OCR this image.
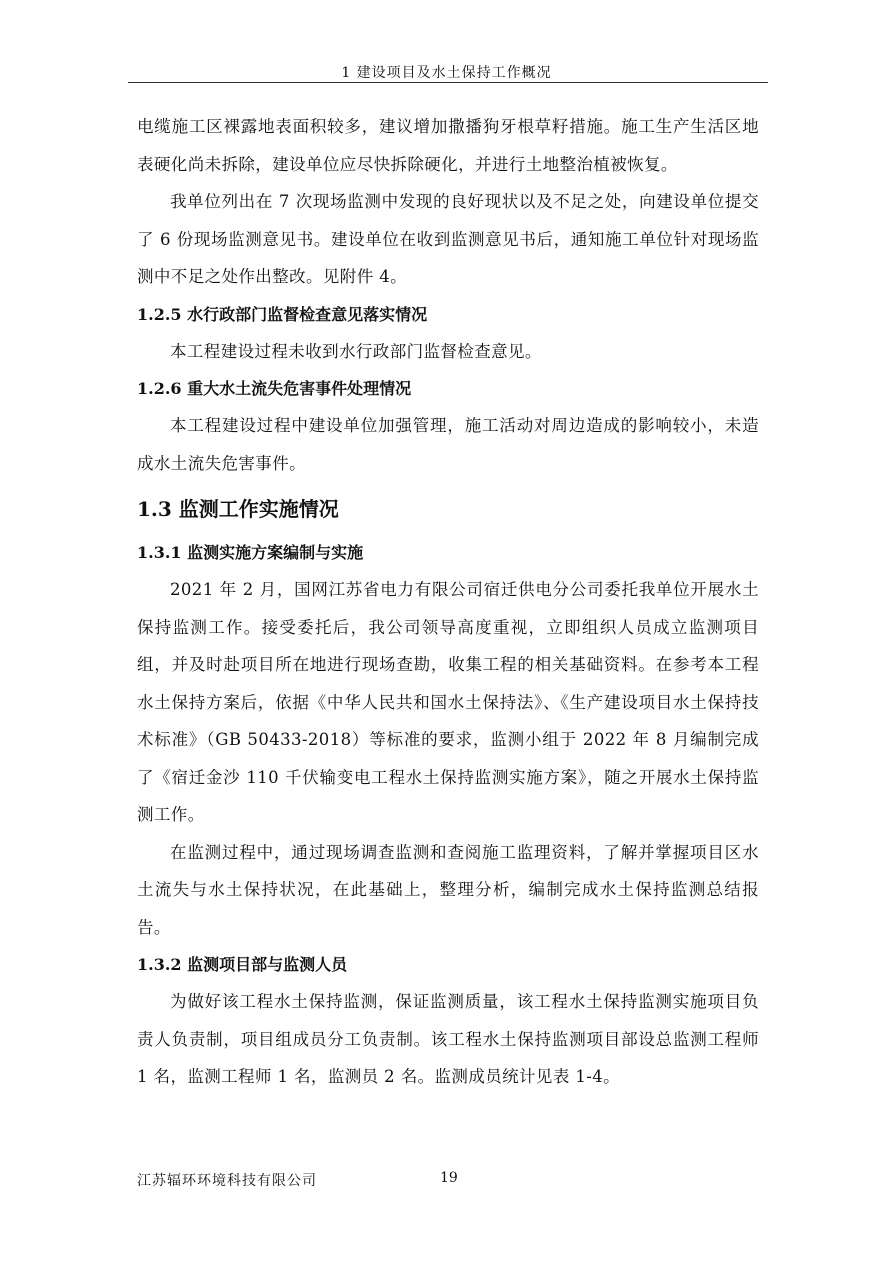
1 建设项目及水土保持工作概况

电缆施工区裸露地表面积较多，建议增加撒播狗牙根草籽措施。施工生产生活区地表硬化尚未拆除，建设单位应尽快拆除硬化，并进行土地整治植被恢复。

我单位列出在 7 次现场监测中发现的良好现状以及不足之处，向建设单位提交了 6 份现场监测意见书。建设单位在收到监测意见书后，通知施工单位针对现场监测中不足之处作出整改。见附件 4。

1.2.5 水行政部门监督检查意见落实情况

本工程建设过程未收到水行政部门监督检查意见。

1.2.6 重大水土流失危害事件处理情况

本工程建设过程中建设单位加强管理，施工活动对周边造成的影响较小，未造成水土流失危害事件。

1.3 监测工作实施情况

1.3.1 监测实施方案编制与实施

2021 年 2 月，国网江苏省电力有限公司宿迁供电分公司委托我单位开展水土保持监测工作。接受委托后，我公司领导高度重视，立即组织人员成立监测项目组，并及时赴项目所在地进行现场查勘，收集工程的相关基础资料。在参考本工程水土保持方案后，依据《中华人民共和国水土保持法》、《生产建设项目水土保持技术标准》（GB 50433-2018）等标准的要求，监测小组于 2022 年 8 月编制完成了《宿迁金沙 110 千伏输变电工程水土保持监测实施方案》，随之开展水土保持监测工作。

在监测过程中，通过现场调查监测和查阅施工监理资料，了解并掌握项目区水土流失与水土保持状况，在此基础上，整理分析，编制完成水土保持监测总结报告。

1.3.2 监测项目部与监测人员

为做好该工程水土保持监测，保证监测质量，该工程水土保持监测实施项目负责人负责制，项目组成员分工负责制。该工程水土保持监测项目部设总监测工程师 1 名，监测工程师 1 名，监测员 2 名。监测成员统计见表 1-4。

江苏辐环环境科技有限公司	19
